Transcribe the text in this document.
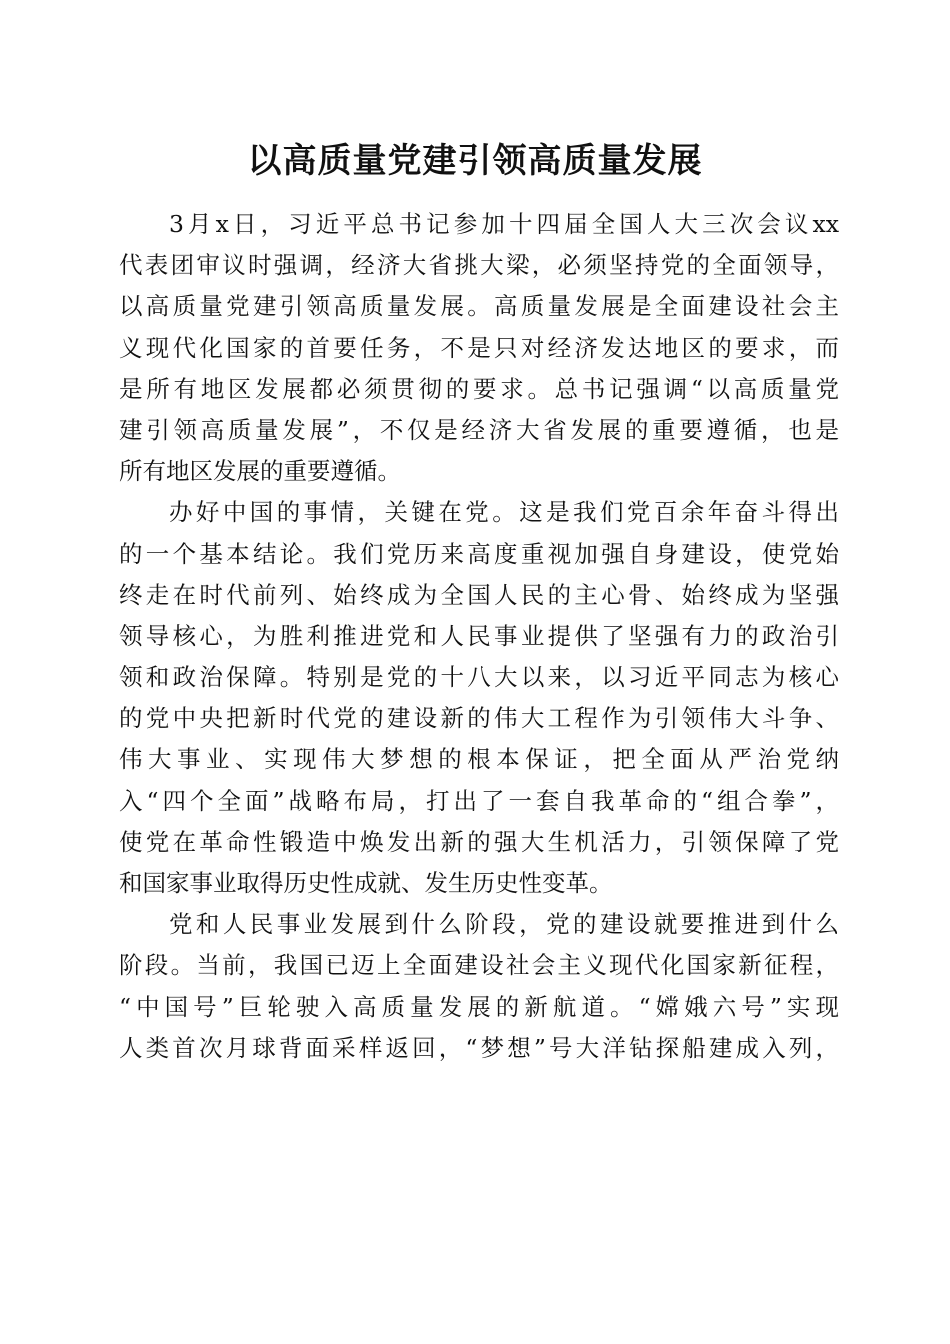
以高质量党建引领高质量发展
3月x日，习近平总书记参加十四届全国人大三次会议xx
代表团审议时强调，经济大省挑大梁，必须坚持党的全面领导，
以高质量党建引领高质量发展。高质量发展是全面建设社会主
义现代化国家的首要任务，不是只对经济发达地区的要求，而
是所有地区发展都必须贯彻的要求。总书记强调“以高质量党
建引领高质量发展”，不仅是经济大省发展的重要遵循，也是
所有地区发展的重要遵循。
办好中国的事情，关键在党。这是我们党百余年奋斗得出
的一个基本结论。我们党历来高度重视加强自身建设，使党始
终走在时代前列、始终成为全国人民的主心骨、始终成为坚强
领导核心，为胜利推进党和人民事业提供了坚强有力的政治引
领和政治保障。特别是党的十八大以来，以习近平同志为核心
的党中央把新时代党的建设新的伟大工程作为引领伟大斗争、
伟大事业、实现伟大梦想的根本保证，把全面从严治党纳
入“四个全面”战略布局，打出了一套自我革命的“组合拳”，
使党在革命性锻造中焕发出新的强大生机活力，引领保障了党
和国家事业取得历史性成就、发生历史性变革。
党和人民事业发展到什么阶段，党的建设就要推进到什么
阶段。当前，我国已迈上全面建设社会主义现代化国家新征程，
“中国号”巨轮驶入高质量发展的新航道。“嫦娥六号”实现
人类首次月球背面采样返回，“梦想”号大洋钻探船建成入列，
